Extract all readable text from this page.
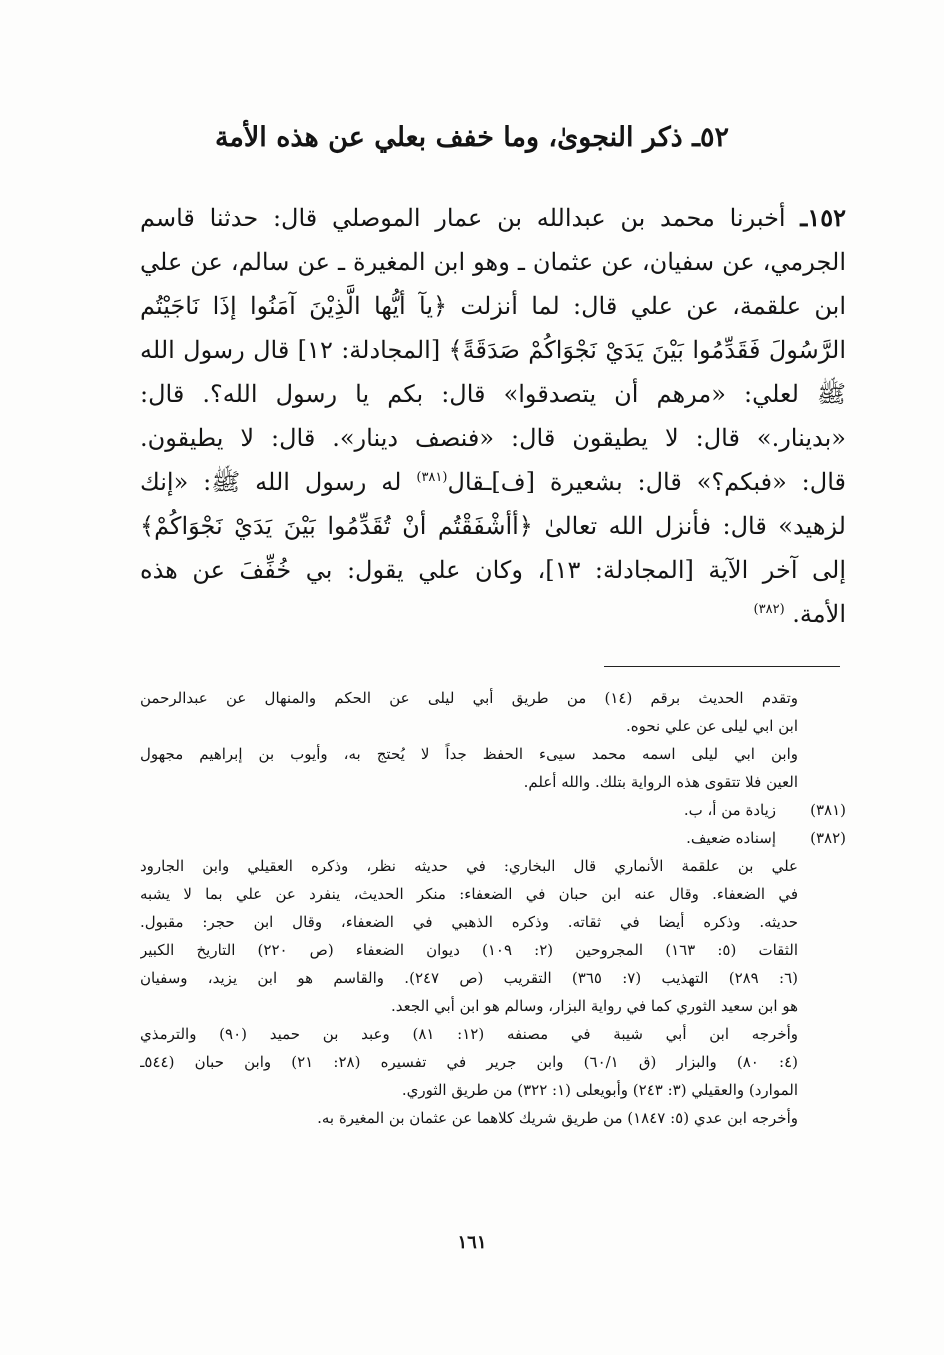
٥٢ـ ذكر النجوىٰ، وما خفف بعلي عن هذه الأمة
١٥٢ـ أخبرنا محمد بن عبدالله بن عمار الموصلي قال: حدثنا قاسم
الجرمي، عن سفيان، عن عثمان ـ وهو ابن المغيرة ـ عن سالم، عن علي
ابن علقمة، عن علي قال: لما أنزلت ﴿يآ أيُّها الَّذِيْنَ آمَنُوا إذَا نَاجَيْتُم
الرَّسُولَ فَقَدِّمُوا بَيْنَ يَدَيْ نَجْوَاكُمْ صَدَقَةً﴾ [المجادلة: ١٢] قال رسول الله
ﷺ لعلي: «مرهم أن يتصدقوا» قال: بكم يا رسول الله؟. قال:
«بدينار.» قال: لا يطيقون قال: «فنصف دينار». قال: لا يطيقون.
قال: «فبكم؟» قال: بشعيرة [ف]ـقال$^{(٣٨١)}$ له رسول الله ﷺ: «إنك
لزهيد» قال: فأنزل الله تعالىٰ ﴿أأشْفَقْتُم أنْ تُقَدِّمُوا بَيْنَ يَدَيْ نَجْوَاكُمْ﴾
إلى آخر الآية [المجادلة: ١٣]، وكان علي يقول: بي خُفِّفَ عن هذه
الأمة. $^{(٣٨٢)}$
وتقدم الحديث برقم (١٤) من طريق أبي ليلى عن الحكم والمنهال عن عبدالرحمن
ابن ابي ليلى عن علي نحوه.
وابن ابي ليلى اسمه محمد سيىء الحفظ جداً لا يُحتج به، وأيوب بن إبراهيم مجهول
العين فلا تتقوى هذه الرواية بتلك. والله أعلم.
(٣٨١)
زيادة من أ، ب.
(٣٨٢)
إسناده ضعيف.
علي بن علقمة الأنماري قال البخاري: في حديثه نظر، وذكره العقيلي وابن الجارود
في الضعفاء. وقال عنه ابن حبان في الضعفاء: منكر الحديث، ينفرد عن علي بما لا يشبه
حديثه. وذكره أيضا في ثقاته. وذكره الذهبي في الضعفاء، وقال ابن حجر: مقبول.
الثقات (٥: ١٦٣) المجروحين (٢: ١٠٩) ديوان الضعفاء (ص ٢٢٠) التاريخ الكبير
(٦: ٢٨٩) التهذيب (٧: ٣٦٥) التقريب (ص ٢٤٧). والقاسم هو ابن يزيد، وسفيان
هو ابن سعيد الثوري كما في رواية البزار، وسالم هو ابن أبي الجعد.
وأخرجه ابن أبي شيبة في مصنفه (١٢: ٨١) وعبد بن حميد (٩٠) والترمذي
(٤: ٨٠) والبزار (ق ٦٠/١) وابن جرير في تفسيره (٢٨: ٢١) وابن حبان (٥٤٤ـ
الموارد) والعقيلي (٣: ٢٤٣) وأبويعلى (١: ٣٢٢) من طريق الثوري.
وأخرجه ابن عدي (٥: ١٨٤٧) من طريق شريك كلاهما عن عثمان بن المغيرة به.
١٦١
